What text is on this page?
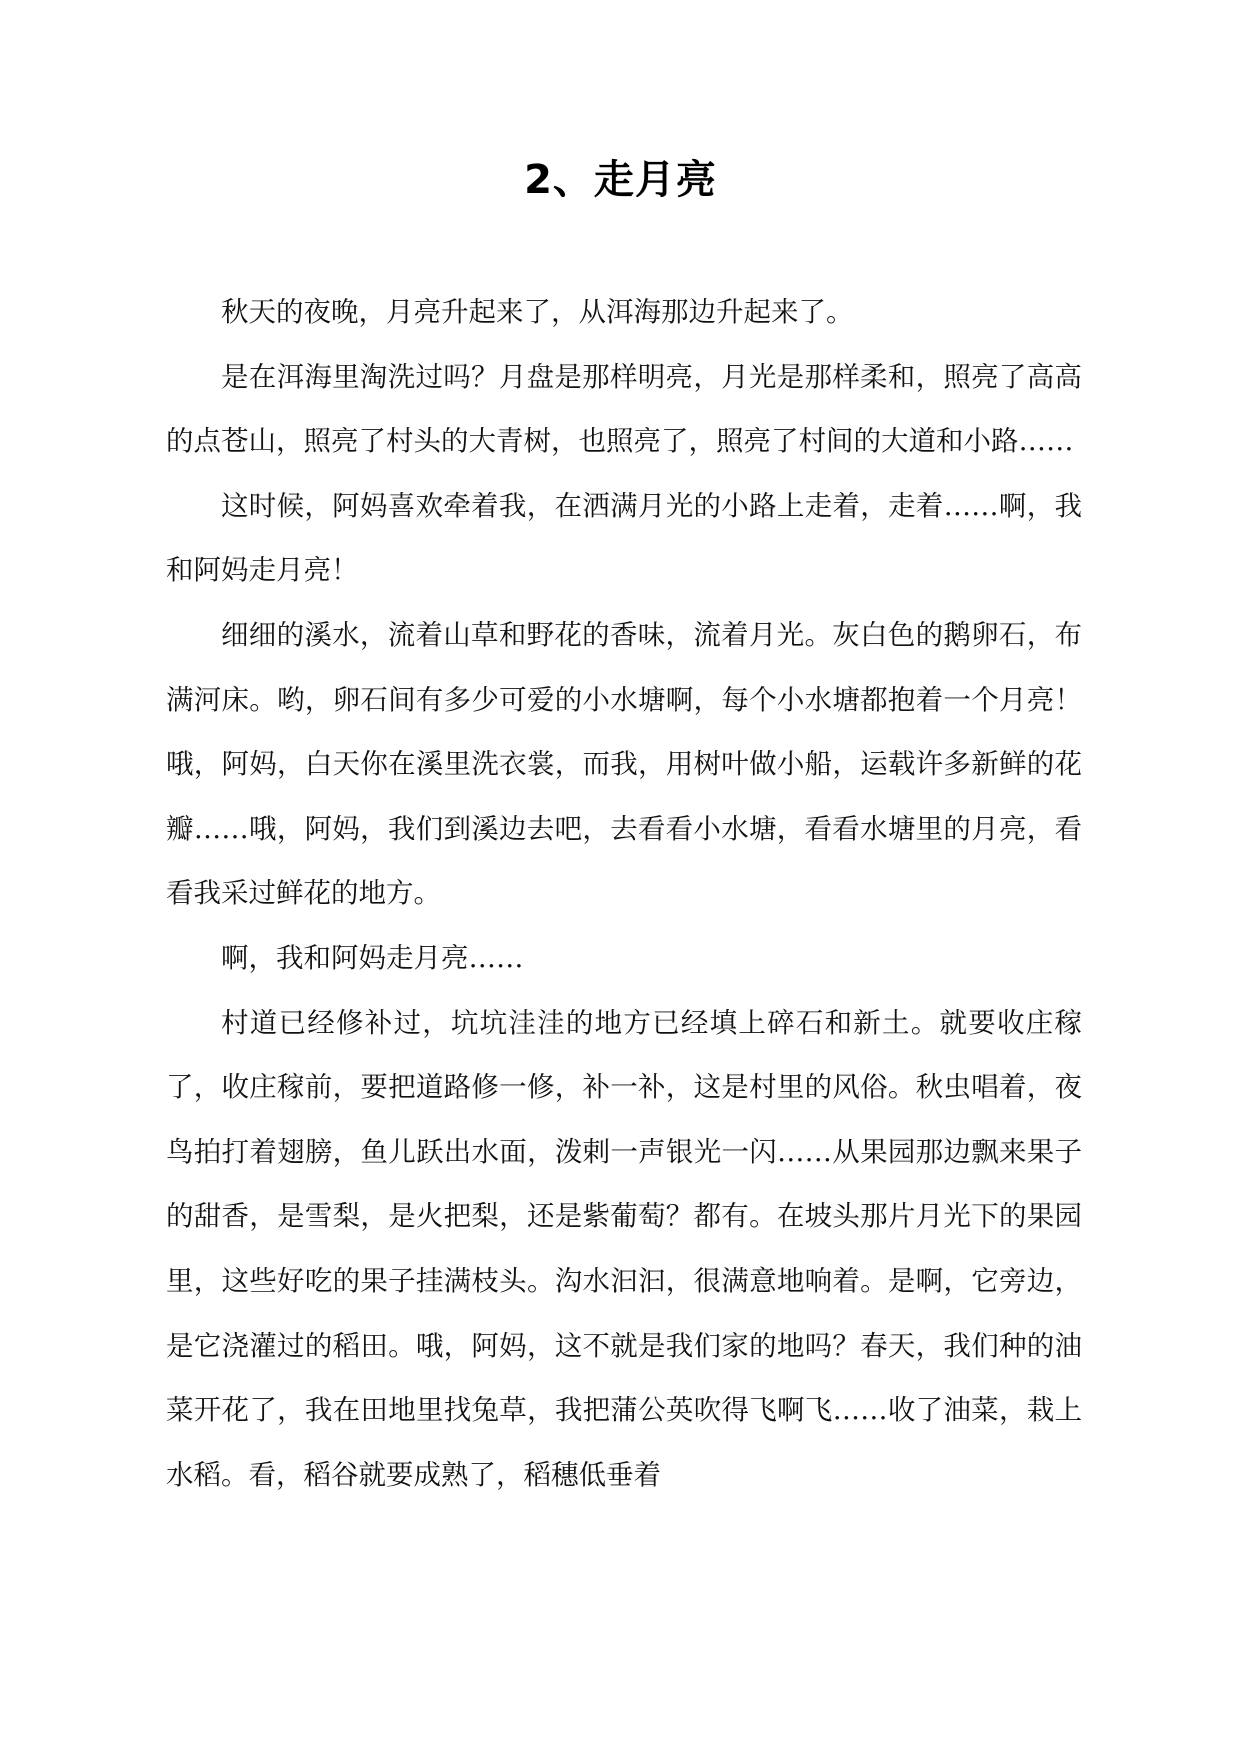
2、走月亮

秋天的夜晚，月亮升起来了，从洱海那边升起来了。

是在洱海里淘洗过吗？月盘是那样明亮，月光是那样柔和，照亮了高高的点苍山，照亮了村头的大青树，也照亮了，照亮了村间的大道和小路……

这时候，阿妈喜欢牵着我，在洒满月光的小路上走着，走着……啊，我和阿妈走月亮！

细细的溪水，流着山草和野花的香味，流着月光。灰白色的鹅卵石，布满河床。哟，卵石间有多少可爱的小水塘啊，每个小水塘都抱着一个月亮！哦，阿妈，白天你在溪里洗衣裳，而我，用树叶做小船，运载许多新鲜的花瓣……哦，阿妈，我们到溪边去吧，去看看小水塘，看看水塘里的月亮，看看我采过鲜花的地方。

啊，我和阿妈走月亮……

村道已经修补过，坑坑洼洼的地方已经填上碎石和新土。就要收庄稼了，收庄稼前，要把道路修一修，补一补，这是村里的风俗。秋虫唱着，夜鸟拍打着翅膀，鱼儿跃出水面，泼剌一声银光一闪……从果园那边飘来果子的甜香，是雪梨，是火把梨，还是紫葡萄？都有。在坡头那片月光下的果园里，这些好吃的果子挂满枝头。沟水汩汩，很满意地响着。是啊，它旁边，是它浇灌过的稻田。哦，阿妈，这不就是我们家的地吗？春天，我们种的油菜开花了，我在田地里找兔草，我把蒲公英吹得飞啊飞……收了油菜，栽上水稻。看，稻谷就要成熟了，稻穗低垂着
